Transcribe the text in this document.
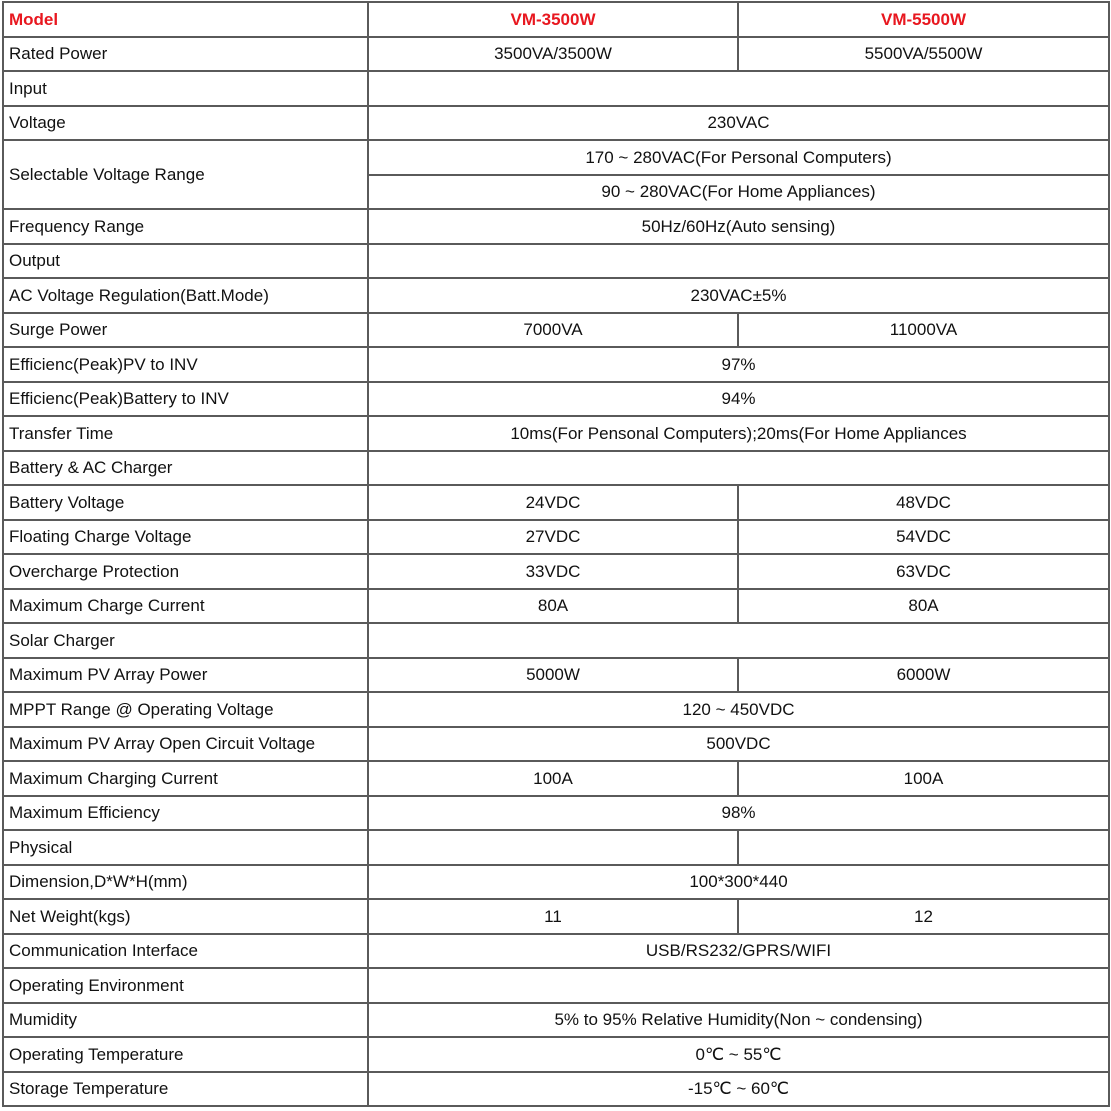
Model	VM-3500W	VM-5500W
Rated Power	3500VA/3500W	5500VA/5500W
Input		
Voltage	230VAC	
Selectable Voltage Range	170 ~ 280VAC(For Personal Computers)	
	90 ~ 280VAC(For Home Appliances)	
Frequency Range	50Hz/60Hz(Auto sensing)	
Output		
AC Voltage Regulation(Batt.Mode)	230VAC±5%	
Surge Power	7000VA	11000VA
Efficienc(Peak)PV to INV	97%	
Efficienc(Peak)Battery to INV	94%	
Transfer Time	10ms(For Pensonal Computers);20ms(For Home Appliances	
Battery & AC Charger		
Battery Voltage	24VDC	48VDC
Floating Charge Voltage	27VDC	54VDC
Overcharge Protection	33VDC	63VDC
Maximum Charge Current	80A	80A
Solar Charger		
Maximum PV Array Power	5000W	6000W
MPPT Range @ Operating Voltage	120 ~ 450VDC	
Maximum PV Array Open Circuit Voltage	500VDC	
Maximum Charging Current	100A	100A
Maximum Efficiency	98%	
Physical		
Dimension,D*W*H(mm)	100*300*440	
Net Weight(kgs)	11	12
Communication Interface	USB/RS232/GPRS/WIFI	
Operating Environment		
Mumidity	5% to 95% Relative Humidity(Non ~ condensing)	
Operating Temperature	0℃ ~ 55℃	
Storage Temperature	-15℃ ~ 60℃	
